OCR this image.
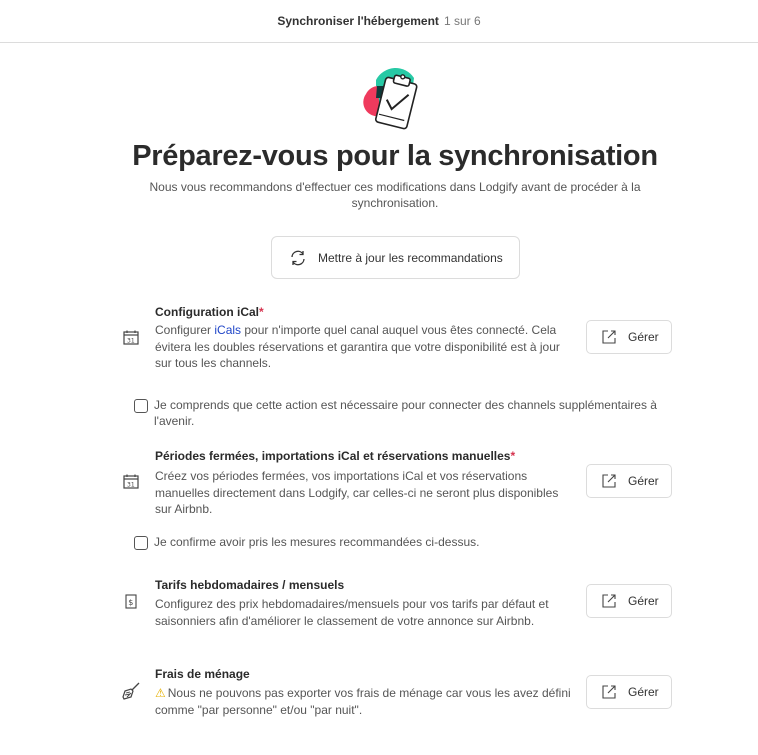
Synchroniser l'hébergement 1 sur 6
Préparez-vous pour la synchronisation

Nous vous recommandons d'effectuer ces modifications dans Lodgify avant de procéder à la synchronisation.

Mettre à jour les recommandations
31
Configuration iCal*
Configurer iCals pour n'importe quel canal auquel vous êtes connecté. Cela évitera les doubles réservations et garantira que votre disponibilité est à jour sur tous les channels.
Gérer
Je comprends que cette action est nécessaire pour connecter des channels supplémentaires à l'avenir.
31
Périodes fermées, importations iCal et réservations manuelles*
Créez vos périodes fermées, vos importations iCal et vos réservations manuelles directement dans Lodgify, car celles-ci ne seront plus disponibles sur Airbnb.
Gérer
Je confirme avoir pris les mesures recommandées ci-dessus.
$
Tarifs hebdomadaires / mensuels
Configurez des prix hebdomadaires/mensuels pour vos tarifs par défaut et saisonniers afin d'améliorer le classement de votre annonce sur Airbnb.
Gérer
Frais de ménage
⚠ Nous ne pouvons pas exporter vos frais de ménage car vous les avez défini comme "par personne" et/ou "par nuit".
Gérer
